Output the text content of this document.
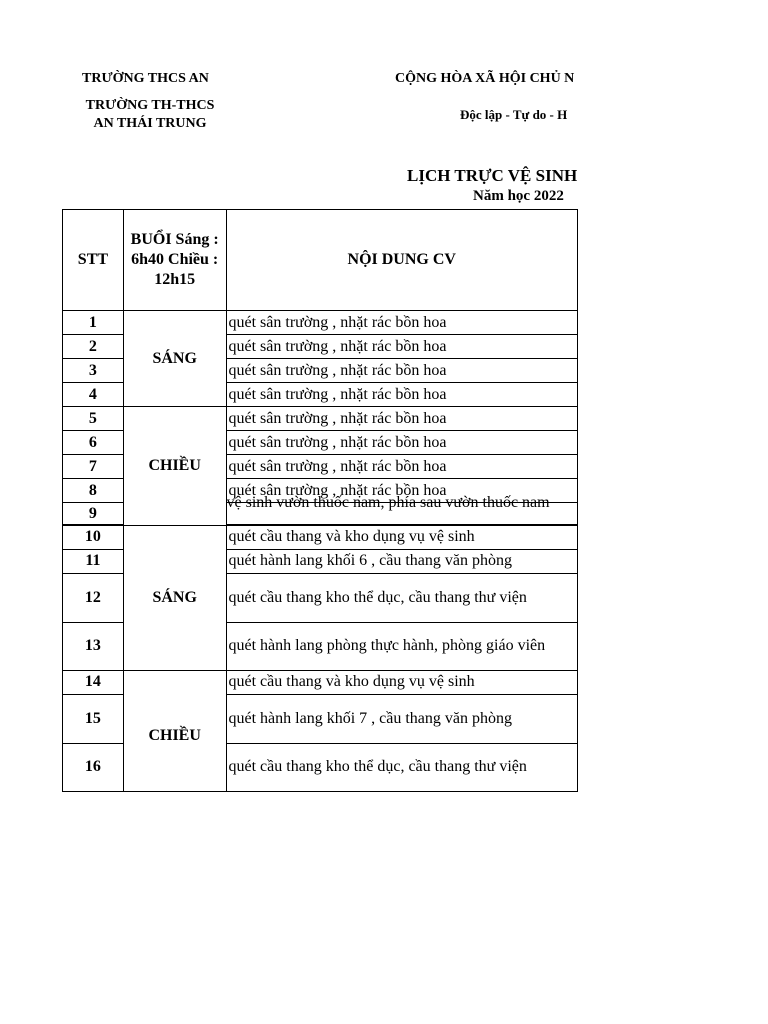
TRƯỜNG THCS AN
TRƯỜNG TH-THCS AN THÁI TRUNG
CỘNG HÒA XÃ HỘI CHỦ N
Độc lập - Tự do - H
LỊCH TRỰC VỆ SINH
Năm học 2022
STT	BUỔI Sáng : 6h40 Chiều : 12h15	NỘI DUNG CV
1	SÁNG	quét sân trường , nhặt rác bồn hoa
2		quét sân trường , nhặt rác bồn hoa
3		quét sân trường , nhặt rác bồn hoa
4		quét sân trường , nhặt rác bồn hoa
5	CHIỀU	quét sân trường , nhặt rác bồn hoa
6		quét sân trường , nhặt rác bồn hoa
7		quét sân trường , nhặt rác bồn hoa
8		quét sân trường , nhặt rác bồn hoa
9		vệ sinh vườn thuốc nam, phía sau vườn thuốc nam

10	SÁNG	quét cầu thang và kho dụng vụ vệ sinh
11		quét hành lang khối 6 , cầu thang văn phòng
12		quét cầu thang kho thể dục, cầu thang thư viện
13		quét hành lang phòng thực hành, phòng giáo viên
14	CHIỀU	quét cầu thang và kho dụng vụ vệ sinh
15		quét hành lang khối 7 , cầu thang văn phòng
16		quét cầu thang kho thể dục, cầu thang thư viện
